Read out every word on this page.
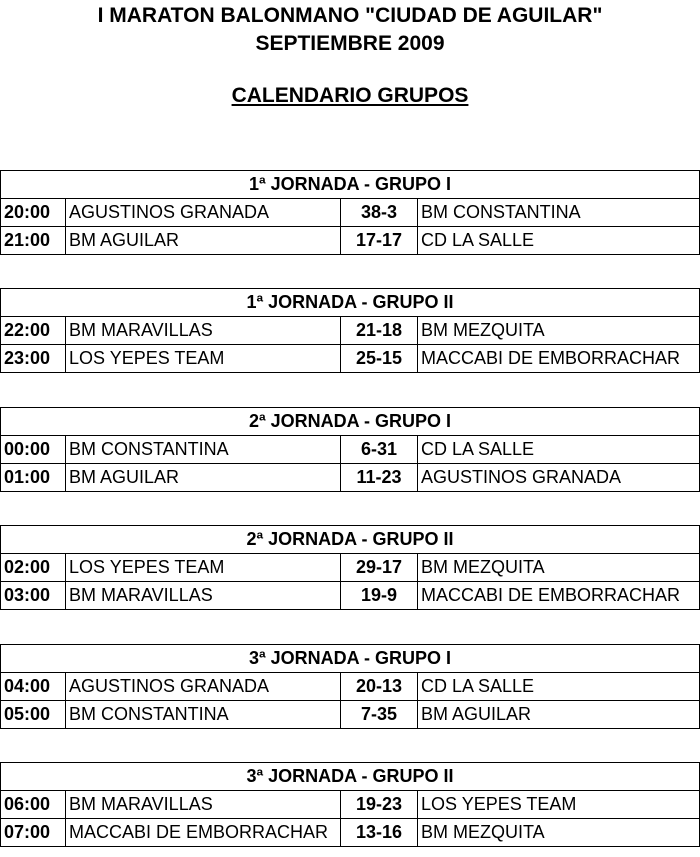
I MARATON BALONMANO "CIUDAD DE AGUILAR"
SEPTIEMBRE 2009
CALENDARIO GRUPOS
1ª JORNADA - GRUPO I			
20:00	AGUSTINOS GRANADA	38-3	BM CONSTANTINA
21:00	BM AGUILAR	17-17	CD LA SALLE
1ª JORNADA - GRUPO II			
22:00	BM MARAVILLAS	21-18	BM MEZQUITA
23:00	LOS YEPES TEAM	25-15	MACCABI DE EMBORRACHAR
2ª JORNADA - GRUPO I			
00:00	BM CONSTANTINA	6-31	CD LA SALLE
01:00	BM AGUILAR	11-23	AGUSTINOS GRANADA
2ª JORNADA - GRUPO II			
02:00	LOS YEPES TEAM	29-17	BM MEZQUITA
03:00	BM MARAVILLAS	19-9	MACCABI DE EMBORRACHAR
3ª JORNADA - GRUPO I			
04:00	AGUSTINOS GRANADA	20-13	CD LA SALLE
05:00	BM CONSTANTINA	7-35	BM AGUILAR
3ª JORNADA - GRUPO II			
06:00	BM MARAVILLAS	19-23	LOS YEPES TEAM
07:00	MACCABI DE EMBORRACHAR	13-16	BM MEZQUITA
